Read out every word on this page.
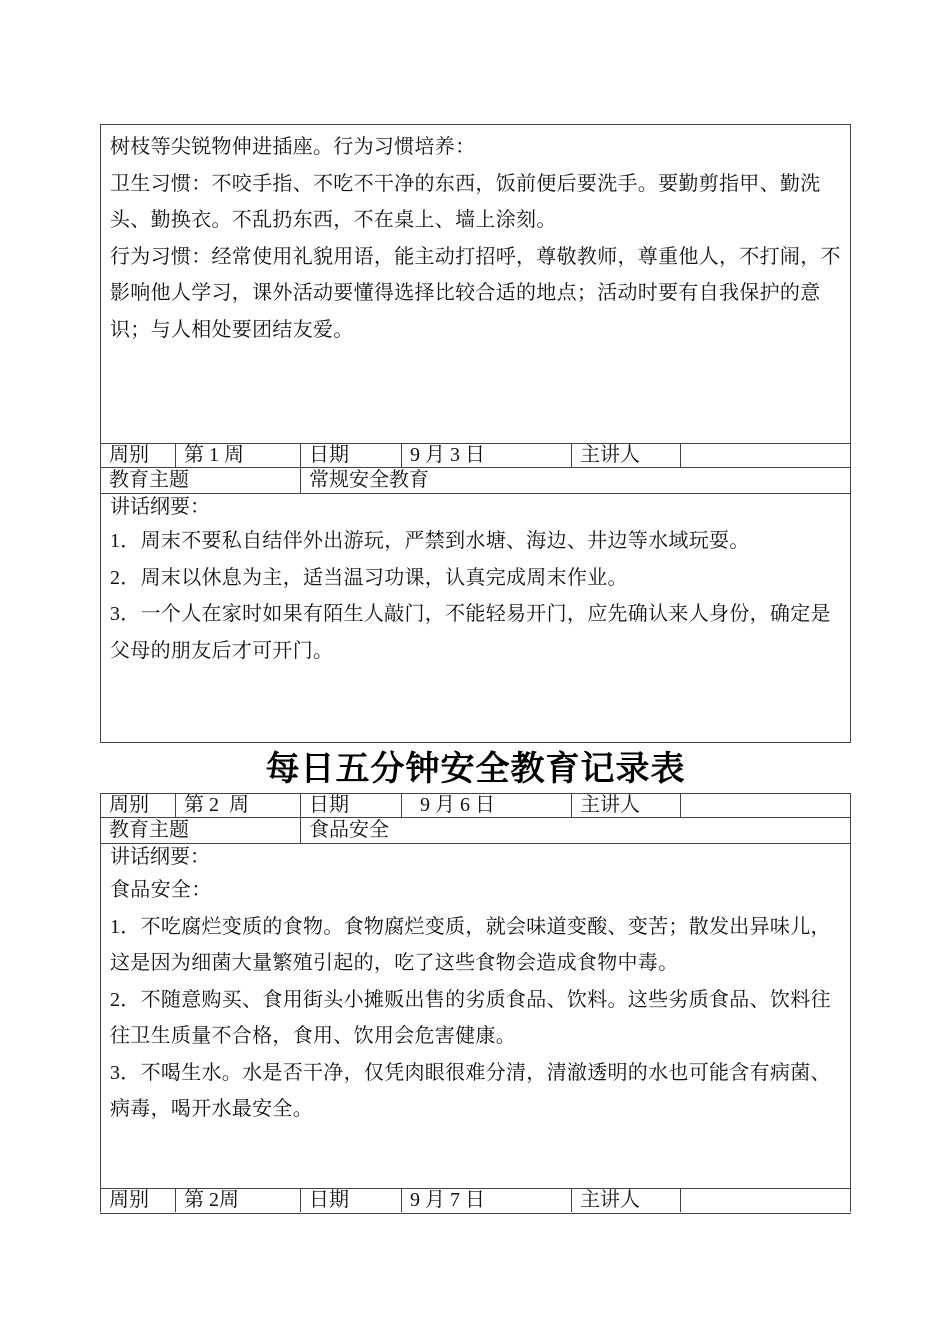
树枝等尖锐物伸进插座。行为习惯培养：

卫生习惯：不咬手指、不吃不干净的东西，饭前便后要洗手。要勤剪指甲、勤洗头、勤换衣。不乱扔东西，不在桌上、墙上涂刻。

行为习惯：经常使用礼貌用语，能主动打招呼，尊敬教师，尊重他人，不打闹，不影响他人学习，课外活动要懂得选择比较合适的地点；活动时要有自我保护的意识；与人相处要团结友爱。

周别	第 1 周	日期	9 月 3 日	主讲人
教育主题	常规安全教育
讲话纲要：

1．周末不要私自结伴外出游玩，严禁到水塘、海边、井边等水域玩耍。

2．周末以休息为主，适当温习功课，认真完成周末作业。

3．一个人在家时如果有陌生人敲门，不能轻易开门，应先确认来人身份，确定是父母的朋友后才可开门。

每日五分钟安全教育记录表
周别	第 2  周	日期	9 月 6 日	主讲人
教育主题	食品安全
讲话纲要：

食品安全：

1．不吃腐烂变质的食物。食物腐烂变质，就会味道变酸、变苦；散发出异味儿，这是因为细菌大量繁殖引起的，吃了这些食物会造成食物中毒。

2．不随意购买、食用街头小摊贩出售的劣质食品、饮料。这些劣质食品、饮料往往卫生质量不合格，食用、饮用会危害健康。

3．不喝生水。水是否干净，仅凭肉眼很难分清，清澈透明的水也可能含有病菌、病毒，喝开水最安全。

周别	第 2周	日期	9 月 7 日	主讲人
